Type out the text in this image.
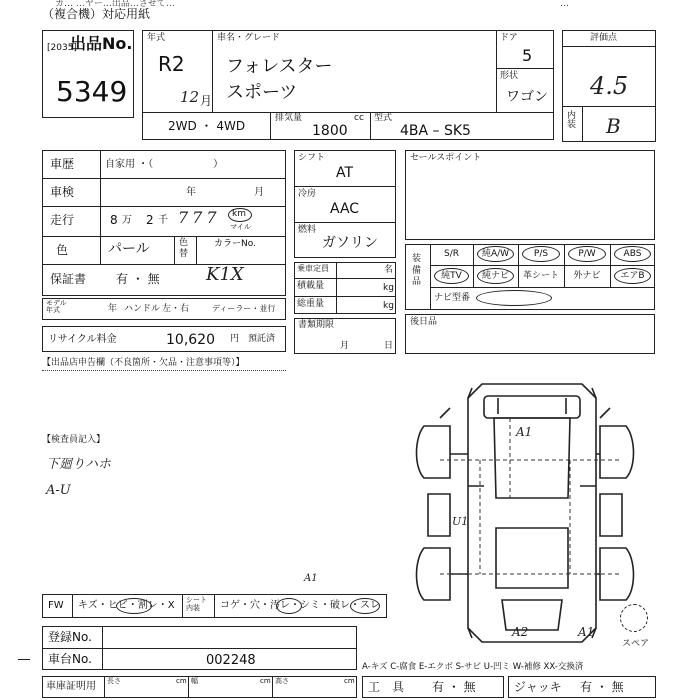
カ… …ヤー…出品…させて…
（複合機）対応用紙
…
[2035]
出品No.
5349
年式
R2
12 月
車名・グレード
フォレスター
スポーツ
ドア
5
形状
ワゴン
2WD ・ 4WD
排気量	cc
1800
型式
4BA – SK5
評価点
4.5
内装 B
車歴	自家用 ・（　　　　　　）
車検	年	月
走行	8 万 2 千 777 km
マイル
色	パール	色替
カラーNo.
保証書 有 ・ 無	K1X
モデル年式	年 ハンドル 左・右	ディーラー・並行
リサイクル料金	10,620 円 預託済
シフト
AT
冷房
AAC
燃料
ガソリン
乗車定員	名
積載量	kg
総重量	kg
書類期限
月	日
セールスポイント
装備品
ナビ型番
後日品
【出品店申告欄（不良箇所・欠品・注意事項等）】
【検査員記入】
下廻りハホ
A-U
A1
U1
A2	A1
A1
スペア
FW キズ・ヒビ・割レ・X シート内装	コゲ・穴・汚レ・シミ・破レ・スレ
登録No.
車台No.	002248	A-キズ C-腐食 E-エクボ S-サビ U-凹ミ W-補修 XX-交換済
車庫証明用 長さ	cm 幅	cm 高さ	cm 工　具 有 ・ 無	ジャッキ 有 ・ 無
S/R	純A/W	P/S	P/W	ABS
純TV	純ナビ	革シート	外ナビ	エアB
